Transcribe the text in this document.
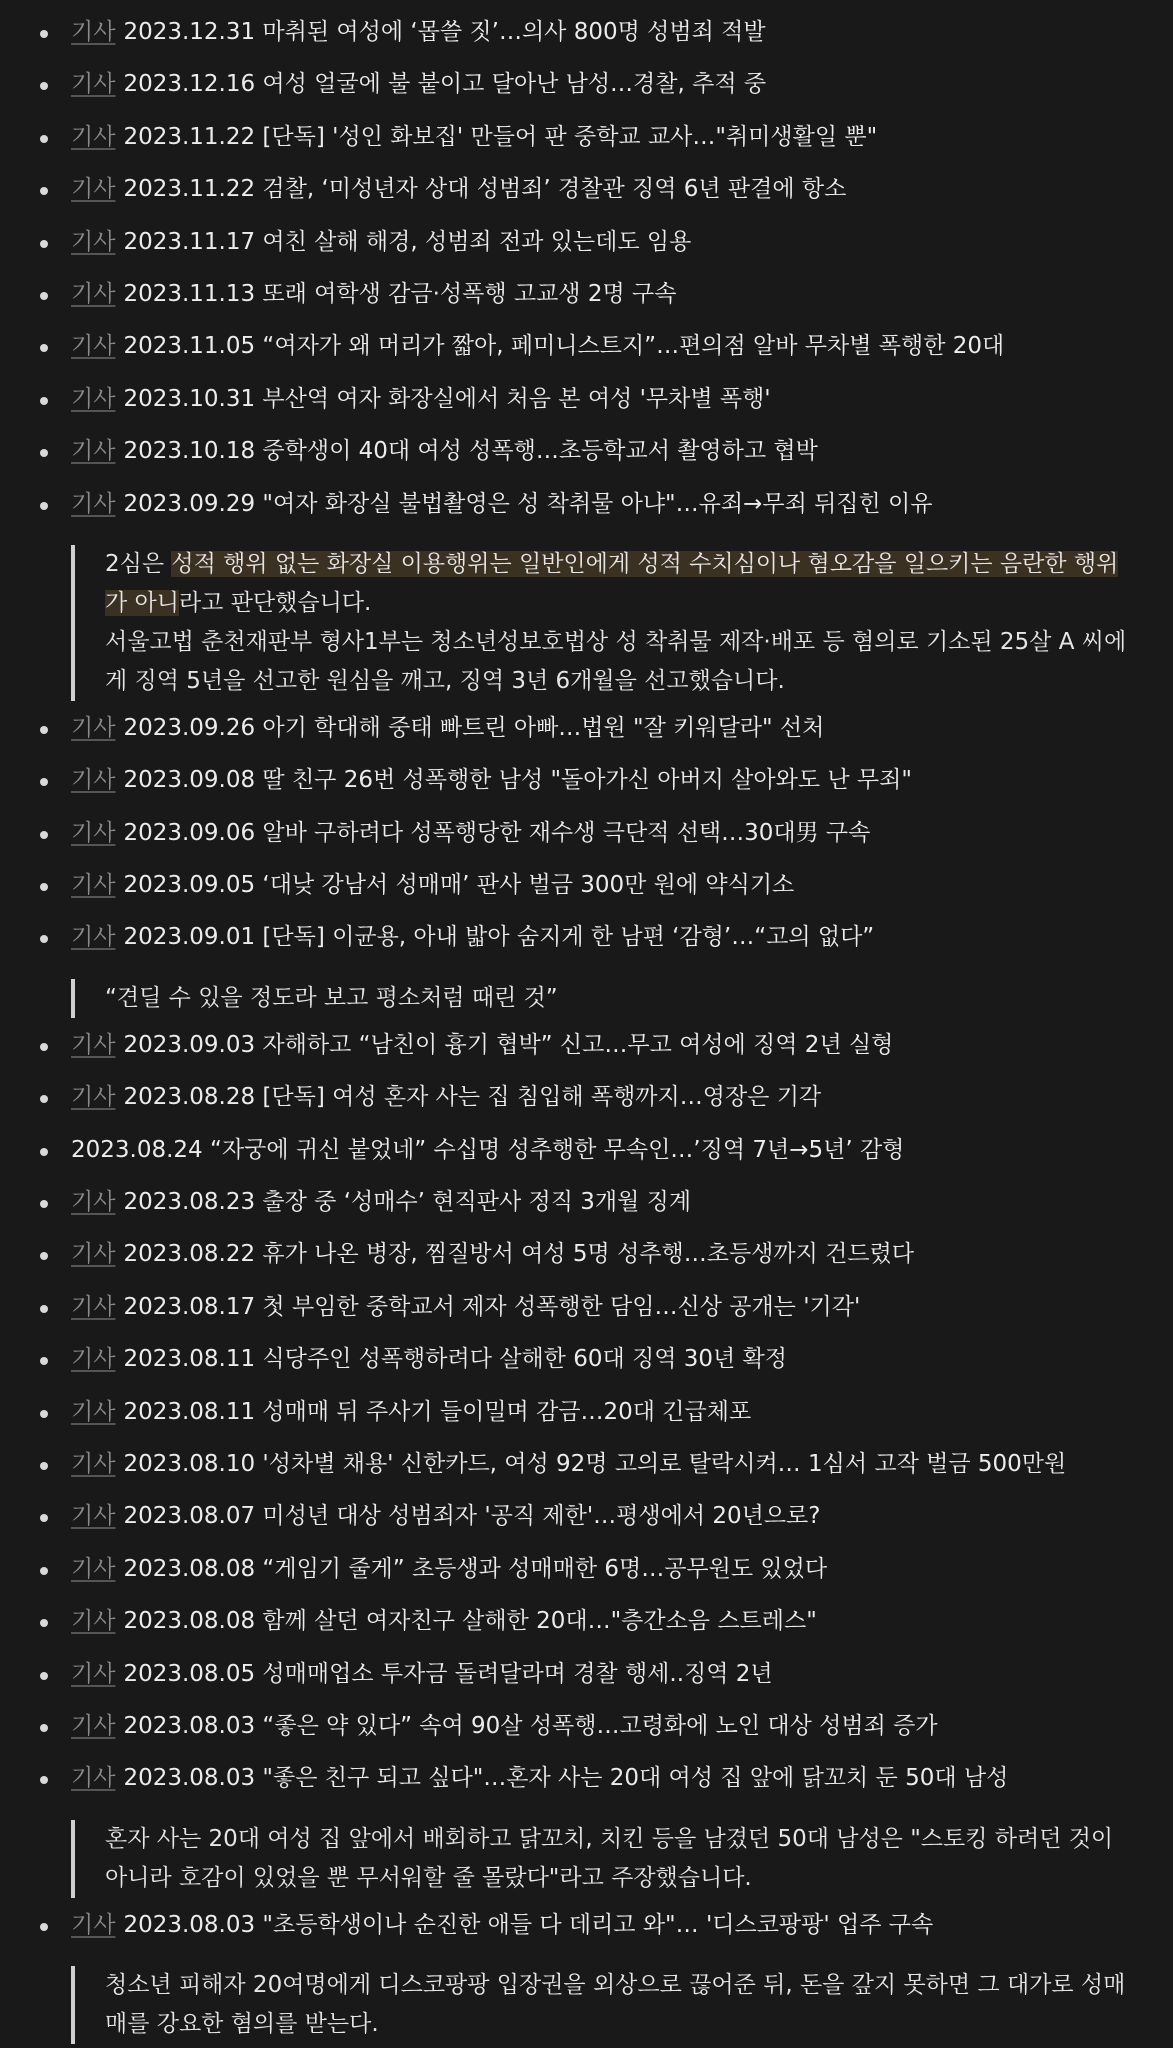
기사 2023.12.31 마취된 여성에 ‘몹쓸 짓’…의사 800명 성범죄 적발
기사 2023.12.16 여성 얼굴에 불 붙이고 달아난 남성…경찰, 추적 중
기사 2023.11.22 [단독] '성인 화보집' 만들어 판 중학교 교사…"취미생활일 뿐"
기사 2023.11.22 검찰, ‘미성년자 상대 성범죄’ 경찰관 징역 6년 판결에 항소
기사 2023.11.17 여친 살해 해경, 성범죄 전과 있는데도 임용
기사 2023.11.13 또래 여학생 감금·성폭행 고교생 2명 구속
기사 2023.11.05 “여자가 왜 머리가 짧아, 페미니스트지”…편의점 알바 무차별 폭행한 20대
기사 2023.10.31 부산역 여자 화장실에서 처음 본 여성 '무차별 폭행'
기사 2023.10.18 중학생이 40대 여성 성폭행…초등학교서 촬영하고 협박
기사 2023.09.29 "여자 화장실 불법촬영은 성 착취물 아냐"…유죄→무죄 뒤집힌 이유
2심은 성적 행위 없는 화장실 이용행위는 일반인에게 성적 수치심이나 혐오감을 일으키는 음란한 행위가 아니라고 판단했습니다.
서울고법 춘천재판부 형사1부는 청소년성보호법상 성 착취물 제작·배포 등 혐의로 기소된 25살 A 씨에게 징역 5년을 선고한 원심을 깨고, 징역 3년 6개월을 선고했습니다.
기사 2023.09.26 아기 학대해 중태 빠트린 아빠…법원 "잘 키워달라" 선처
기사 2023.09.08 딸 친구 26번 성폭행한 남성 "돌아가신 아버지 살아와도 난 무죄"
기사 2023.09.06 알바 구하려다 성폭행당한 재수생 극단적 선택…30대男 구속
기사 2023.09.05 ‘대낮 강남서 성매매’ 판사 벌금 300만 원에 약식기소
기사 2023.09.01 [단독] 이균용, 아내 밟아 숨지게 한 남편 ‘감형’…“고의 없다”
“견딜 수 있을 정도라 보고 평소처럼 때린 것”
기사 2023.09.03 자해하고 “남친이 흉기 협박” 신고…무고 여성에 징역 2년 실형
기사 2023.08.28 [단독] 여성 혼자 사는 집 침입해 폭행까지…영장은 기각
2023.08.24 “자궁에 귀신 붙었네” 수십명 성추행한 무속인…’징역 7년→5년’ 감형
기사 2023.08.23 출장 중 ‘성매수’ 현직판사 정직 3개월 징계
기사 2023.08.22 휴가 나온 병장, 찜질방서 여성 5명 성추행…초등생까지 건드렸다
기사 2023.08.17 첫 부임한 중학교서 제자 성폭행한 담임…신상 공개는 '기각'
기사 2023.08.11 식당주인 성폭행하려다 살해한 60대 징역 30년 확정
기사 2023.08.11 성매매 뒤 주사기 들이밀며 감금…20대 긴급체포
기사 2023.08.10 '성차별 채용' 신한카드, 여성 92명 고의로 탈락시켜… 1심서 고작 벌금 500만원
기사 2023.08.07 미성년 대상 성범죄자 '공직 제한'…평생에서 20년으로?
기사 2023.08.08 “게임기 줄게” 초등생과 성매매한 6명…공무원도 있었다
기사 2023.08.08 함께 살던 여자친구 살해한 20대…"층간소음 스트레스"
기사 2023.08.05 성매매업소 투자금 돌려달라며 경찰 행세..징역 2년
기사 2023.08.03 “좋은 약 있다” 속여 90살 성폭행…고령화에 노인 대상 성범죄 증가
기사 2023.08.03 "좋은 친구 되고 싶다"…혼자 사는 20대 여성 집 앞에 닭꼬치 둔 50대 남성
혼자 사는 20대 여성 집 앞에서 배회하고 닭꼬치, 치킨 등을 남겼던 50대 남성은 "스토킹 하려던 것이 아니라 호감이 있었을 뿐 무서워할 줄 몰랐다"라고 주장했습니다.
기사 2023.08.03 "초등학생이나 순진한 애들 다 데리고 와"… '디스코팡팡' 업주 구속
청소년 피해자 20여명에게 디스코팡팡 입장권을 외상으로 끊어준 뒤, 돈을 갚지 못하면 그 대가로 성매매를 강요한 혐의를 받는다.
